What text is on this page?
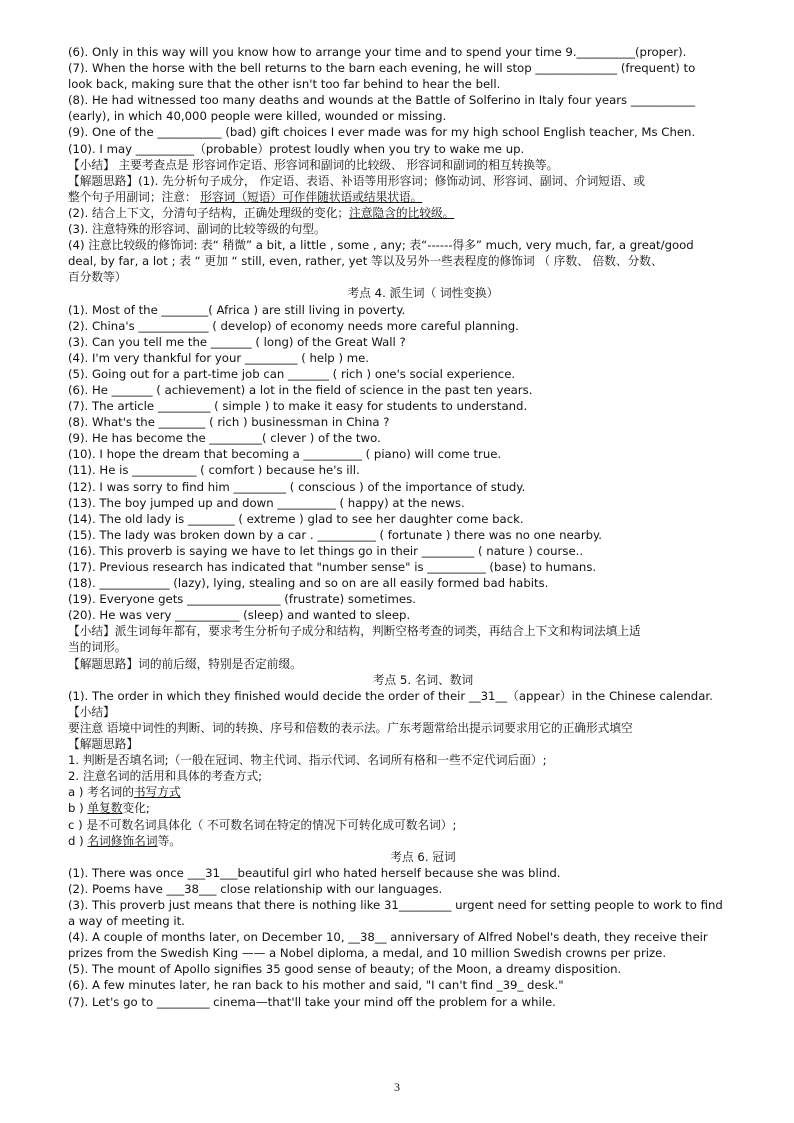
(6). Only in this way will you know how to arrange your time and to spend your time 9.__________(proper).
(7). When the horse with the bell returns to the barn each evening, he will stop ______________ (frequent) to
look back, making sure that the other isn't too far behind to hear the bell.
(8). He had witnessed too many deaths and wounds at the Battle of Solferino in Italy four years ___________
(early), in which 40,000 people were killed, wounded or missing.
(9). One of the ___________ (bad) gift choices I ever made was for my high school English teacher, Ms Chen.
(10). I may __________（probable）protest loudly when you try to wake me up.
【小结】 主要考查点是 形容词作定语、形容词和副词的比较级、 形容词和副词的相互转换等。
【解题思路】(1). 先分析句子成分， 作定语、表语、补语等用形容词；修饰动词、形容词、副词、介词短语、或
整个句子用副词；注意： 形容词（短语）可作伴随状语或结果状语。
(2). 结合上下文，分清句子结构，正确处理级的变化；注意隐含的比较级。
(3). 注意特殊的形容词、副词的比较等级的句型。
(4) 注意比较级的修饰词: 表“ 稍微” a bit, a little , some , any; 表“------得多” much, very much, far, a great/good
deal, by far, a lot ; 表 “ 更加 “ still, even, rather, yet 等以及另外一些表程度的修饰词 （ 序数、 倍数、分数、
百分数等）
考点 4. 派生词（ 词性变换）
(1). Most of the ________( Africa ) are still living in poverty.
(2). China's ____________ ( develop) of economy needs more careful planning.
(3). Can you tell me the _______ ( long) of the Great Wall ?
(4). I'm very thankful for your _________ ( help ) me.
(5). Going out for a part-time job can _______ ( rich ) one's social experience.
(6). He _______ ( achievement) a lot in the field of science in the past ten years.
(7). The article _________ ( simple ) to make it easy for students to understand.
(8). What's the ________ ( rich ) businessman in China ?
(9). He has become the _________( clever ) of the two.
(10). I hope the dream that becoming a __________ ( piano) will come true.
(11). He is ___________ ( comfort ) because he's ill.
(12). I was sorry to find him _________ ( conscious ) of the importance of study.
(13). The boy jumped up and down __________ ( happy) at the news.
(14). The old lady is ________ ( extreme ) glad to see her daughter come back.
(15). The lady was broken down by a car . __________ ( fortunate ) there was no one nearby.
(16). This proverb is saying we have to let things go in their _________ ( nature ) course..
(17). Previous research has indicated that "number sense" is __________ (base) to humans.
(18). ____________ (lazy), lying, stealing and so on are all easily formed bad habits.
(19). Everyone gets ________________ (frustrate) sometimes.
(20). He was very ___________ (sleep) and wanted to sleep.
【小结】派生词每年都有，要求考生分析句子成分和结构，判断空格考查的词类，再结合上下文和构词法填上适
当的词形。
【解题思路】词的前后缀，特别是否定前缀。
考点 5. 名词、数词
(1). The order in which they finished would decide the order of their __31__（appear）in the Chinese calendar.
【小结】
要注意 语境中词性的判断、词的转换、序号和倍数的表示法。广东考题常给出提示词要求用它的正确形式填空
【解题思路】
1. 判断是否填名词;（一般在冠词、物主代词、指示代词、名词所有格和一些不定代词后面）;
2. 注意名词的活用和具体的考查方式;
a ) 考名词的书写方式
b ) 单复数变化;
c ) 是不可数名词具体化（ 不可数名词在特定的情况下可转化成可数名词）;
d ) 名词修饰名词等。
考点 6. 冠词
(1). There was once ___31___beautiful girl who hated herself because she was blind.
(2). Poems have ___38___ close relationship with our languages.
(3). This proverb just means that there is nothing like 31_________ urgent need for setting people to work to find
a way of meeting it.
(4). A couple of months later, on December 10, __38__ anniversary of Alfred Nobel's death, they receive their
prizes from the Swedish King —— a Nobel diploma, a medal, and 10 million Swedish crowns per prize.
(5). The mount of Apollo signifies 35 good sense of beauty; of the Moon, a dreamy disposition.
(6). A few minutes later, he ran back to his mother and said, "I can't find _39_ desk."
(7). Let's go to _________ cinema—that'll take your mind off the problem for a while.
3
